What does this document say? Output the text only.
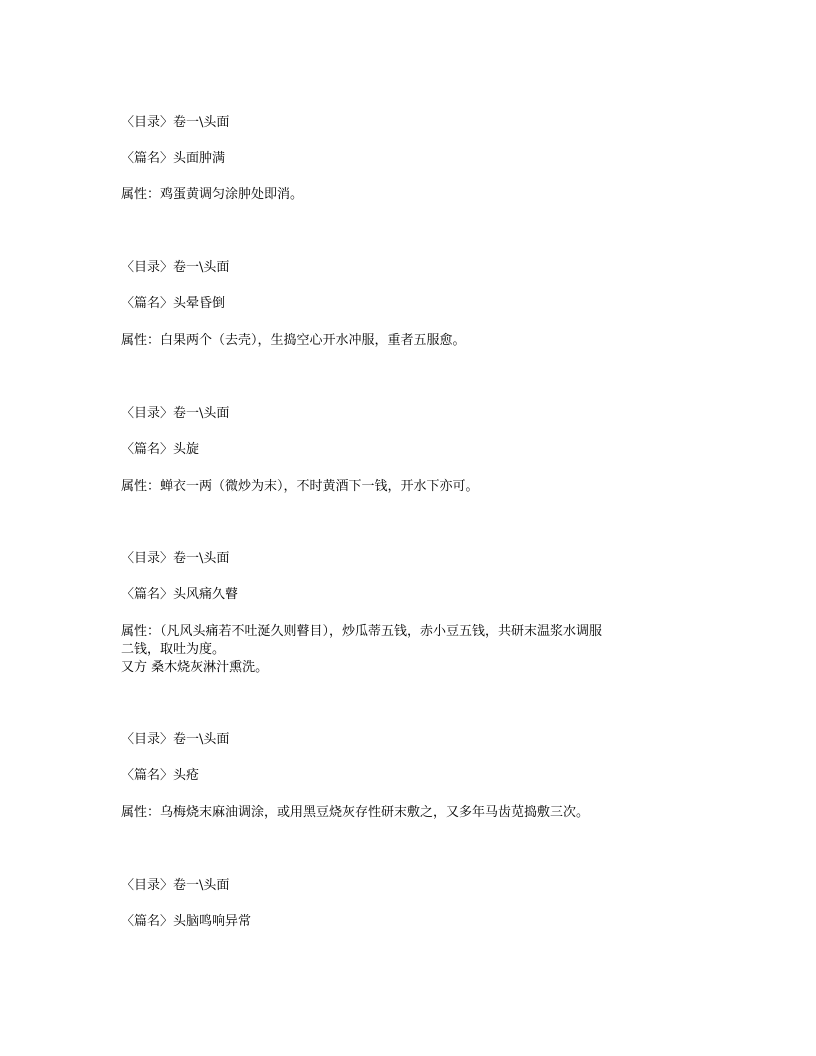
〈目录〉卷一\头面
〈篇名〉头面肿满
属性：鸡蛋黄调匀涂肿处即消。
〈目录〉卷一\头面
〈篇名〉头晕昏倒
属性：白果两个（去壳），生捣空心开水冲服，重者五服愈。
〈目录〉卷一\头面
〈篇名〉头旋
属性：蝉衣一两（微炒为末），不时黄酒下一钱，开水下亦可。
〈目录〉卷一\头面
〈篇名〉头风痛久瞽
属性：（凡风头痛若不吐涎久则瞽目），炒瓜蒂五钱，赤小豆五钱，共研末温浆水调服
二钱，取吐为度。
又方 桑木烧灰淋汁熏洗。
〈目录〉卷一\头面
〈篇名〉头疮
属性：乌梅烧末麻油调涂，或用黑豆烧灰存性研末敷之，又多年马齿苋捣敷三次。
〈目录〉卷一\头面
〈篇名〉头脑鸣响异常
